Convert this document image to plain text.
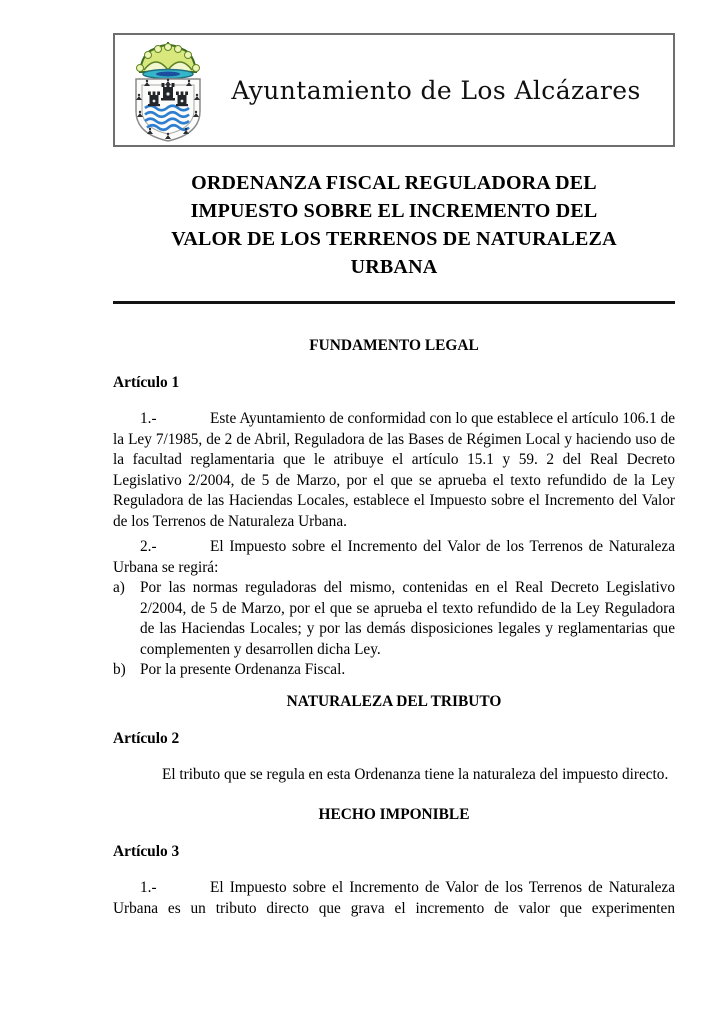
Ayuntamiento de Los Alcázares
ORDENANZA FISCAL REGULADORA DEL
IMPUESTO SOBRE EL INCREMENTO DEL
VALOR DE LOS TERRENOS DE NATURALEZA
URBANA
FUNDAMENTO LEGAL
Artículo 1

1.-	Este Ayuntamiento de conformidad con lo que establece el artículo 106.1 de la Ley 7/1985, de 2 de Abril, Reguladora de las Bases de Régimen Local y haciendo uso de la facultad reglamentaria que le atribuye el artículo 15.1 y 59. 2 del Real Decreto Legislativo 2/2004, de 5 de Marzo, por el que se aprueba el texto refundido de la Ley Reguladora de las Haciendas Locales, establece el Impuesto sobre el Incremento del Valor de los Terrenos de Naturaleza Urbana.

2.-	El Impuesto sobre el Incremento del Valor de los Terrenos de Naturaleza Urbana se regirá:

a) Por las normas reguladoras del mismo, contenidas en el Real Decreto Legislativo 2/2004, de 5 de Marzo, por el que se aprueba el texto refundido de la Ley Reguladora de las Haciendas Locales; y por las demás disposiciones legales y reglamentarias que complementen y desarrollen dicha Ley.

b) Por la presente Ordenanza Fiscal.

NATURALEZA DEL TRIBUTO
Artículo 2

El tributo que se regula en esta Ordenanza tiene la naturaleza del impuesto directo.

HECHO IMPONIBLE
Artículo 3

1.-	El Impuesto sobre el Incremento de Valor de los Terrenos de Naturaleza Urbana es un tributo directo que grava el incremento de valor que experimenten
